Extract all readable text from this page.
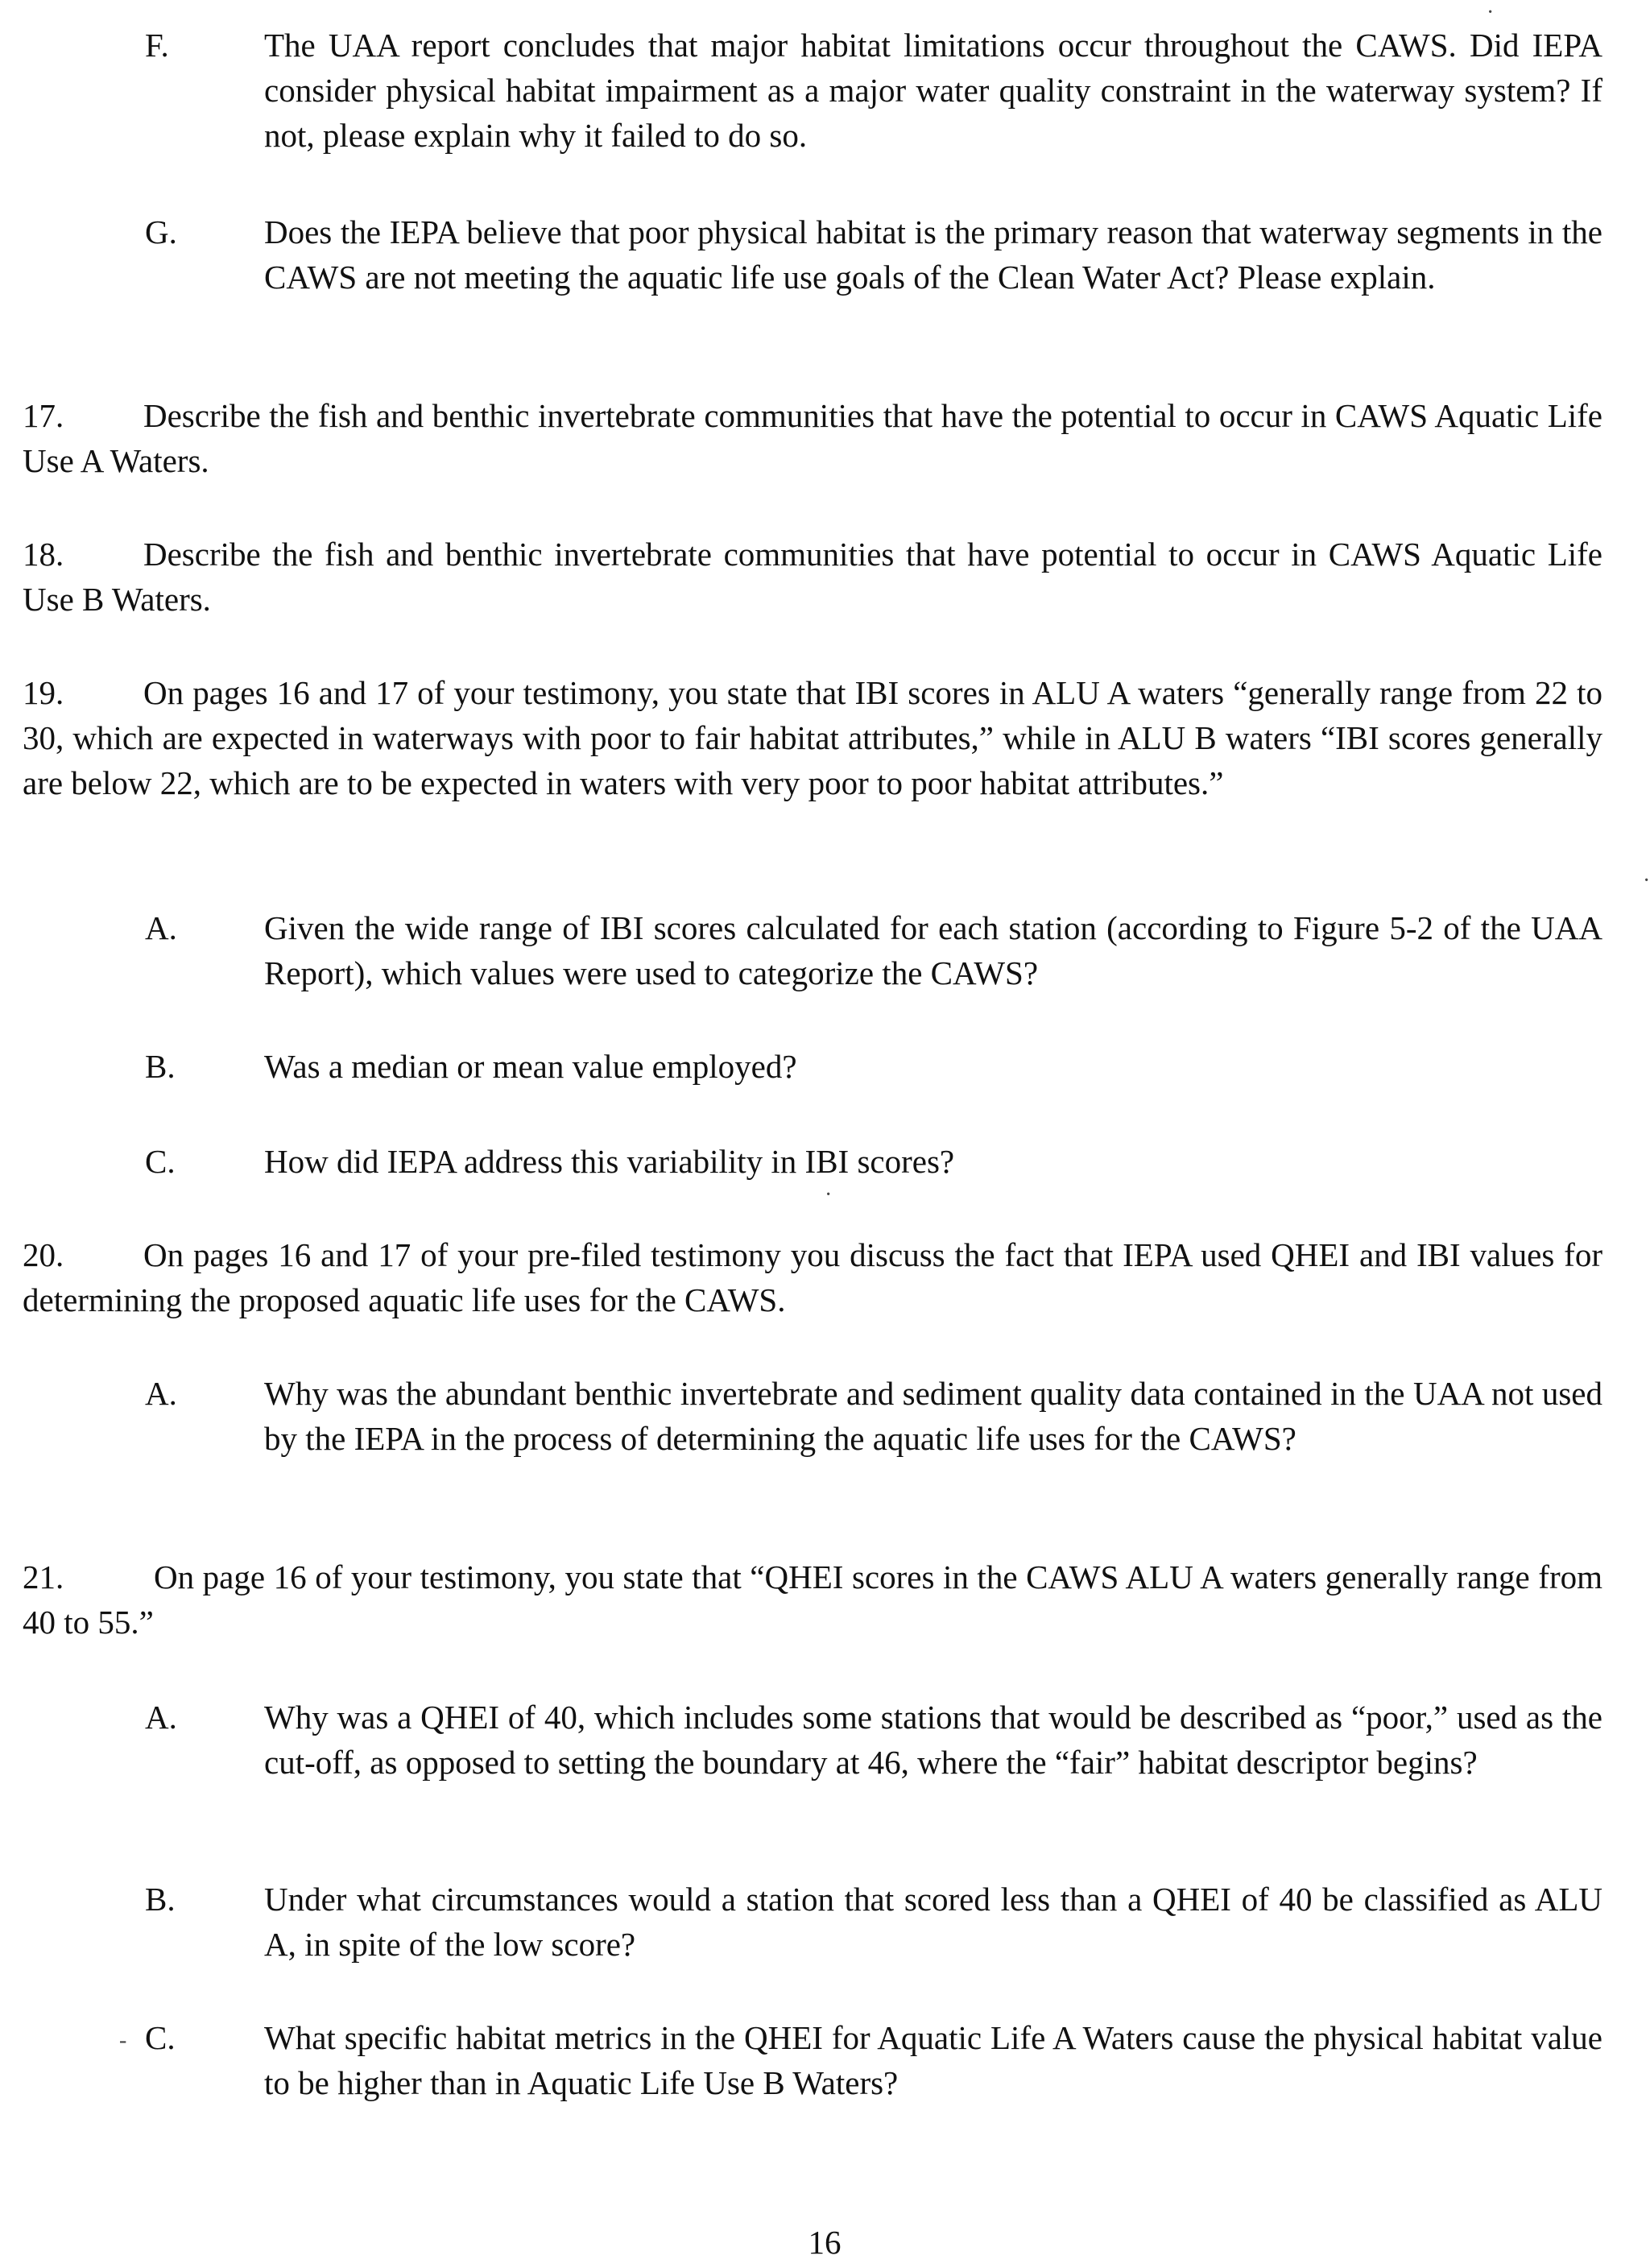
F.	The UAA report concludes that major habitat limitations occur throughout the CAWS. Did IEPA consider physical habitat impairment as a major water quality constraint in the waterway system? If not, please explain why it failed to do so.
G.	Does the IEPA believe that poor physical habitat is the primary reason that waterway segments in the CAWS are not meeting the aquatic life use goals of the Clean Water Act? Please explain.
17. Describe the fish and benthic invertebrate communities that have the potential to occur in CAWS Aquatic Life Use A Waters.
18. Describe the fish and benthic invertebrate communities that have potential to occur in CAWS Aquatic Life Use B Waters.
19. On pages 16 and 17 of your testimony, you state that IBI scores in ALU A waters “generally range from 22 to 30, which are expected in waterways with poor to fair habitat attributes,” while in ALU B waters “IBI scores generally are below 22, which are to be expected in waters with very poor to poor habitat attributes.”
A.	Given the wide range of IBI scores calculated for each station (according to Figure 5-2 of the UAA Report), which values were used to categorize the CAWS?
B.	Was a median or mean value employed?
C.	How did IEPA address this variability in IBI scores?
20. On pages 16 and 17 of your pre-filed testimony you discuss the fact that IEPA used QHEI and IBI values for determining the proposed aquatic life uses for the CAWS.
A.	Why was the abundant benthic invertebrate and sediment quality data contained in the UAA not used by the IEPA in the process of determining the aquatic life uses for the CAWS?
21.	On page 16 of your testimony, you state that “QHEI scores in the CAWS ALU A waters generally range from 40 to 55.”
A.	Why was a QHEI of 40, which includes some stations that would be described as “poor,” used as the cut-off, as opposed to setting the boundary at 46, where the “fair” habitat descriptor begins?
B.	Under what circumstances would a station that scored less than a QHEI of 40 be classified as ALU A, in spite of the low score?
C.	What specific habitat metrics in the QHEI for Aquatic Life A Waters cause the physical habitat value to be higher than in Aquatic Life Use B Waters?
·
·
·
-
16
